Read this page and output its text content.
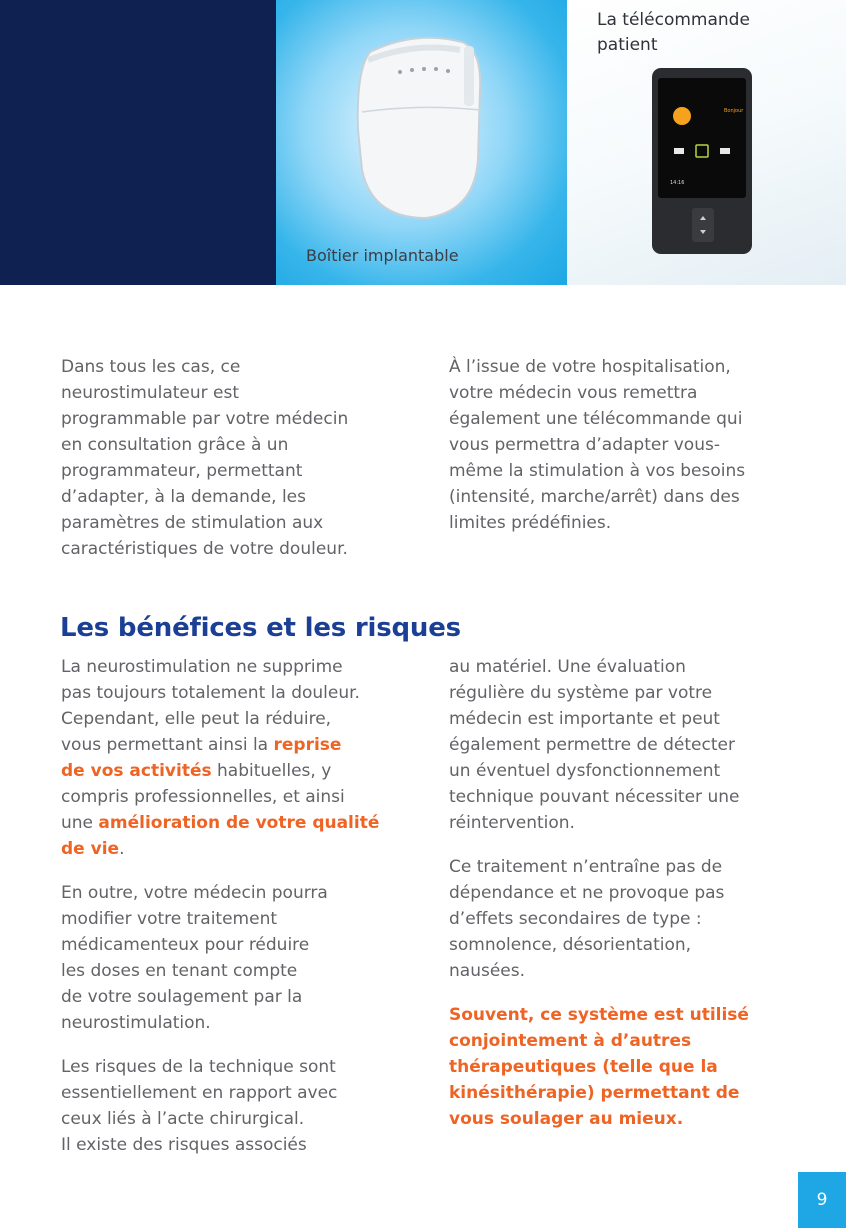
Bonjour
14:16
Boîtier implantable
La télécommande
patient

Dans tous les cas, ce
neurostimulateur est
programmable par votre médecin
en consultation grâce à un
programmateur, permettant
d’adapter, à la demande, les
paramètres de stimulation aux
caractéristiques de votre douleur.

À l’issue de votre hospitalisation,
votre médecin vous remettra
également une télécommande qui
vous permettra d’adapter vous-
même la stimulation à vos besoins
(intensité, marche/arrêt) dans des
limites prédéfinies.

Les bénéfices et les risques

La neurostimulation ne supprime
pas toujours totalement la douleur.
Cependant, elle peut la réduire,
vous permettant ainsi la reprise
de vos activités habituelles, y
compris professionnelles, et ainsi
une amélioration de votre qualité
de vie.

En outre, votre médecin pourra
modifier votre traitement
médicamenteux pour réduire
les doses en tenant compte
de votre soulagement par la
neurostimulation.

Les risques de la technique sont
essentiellement en rapport avec
ceux liés à l’acte chirurgical.
Il existe des risques associés

au matériel. Une évaluation
régulière du système par votre
médecin est importante et peut
également permettre de détecter
un éventuel dysfonctionnement
technique pouvant nécessiter une
réintervention.

Ce traitement n’entraîne pas de
dépendance et ne provoque pas
d’effets secondaires de type :
somnolence, désorientation,
nausées.

Souvent, ce système est utilisé
conjointement à d’autres
thérapeutiques (telle que la
kinésithérapie) permettant de
vous soulager au mieux.

9
